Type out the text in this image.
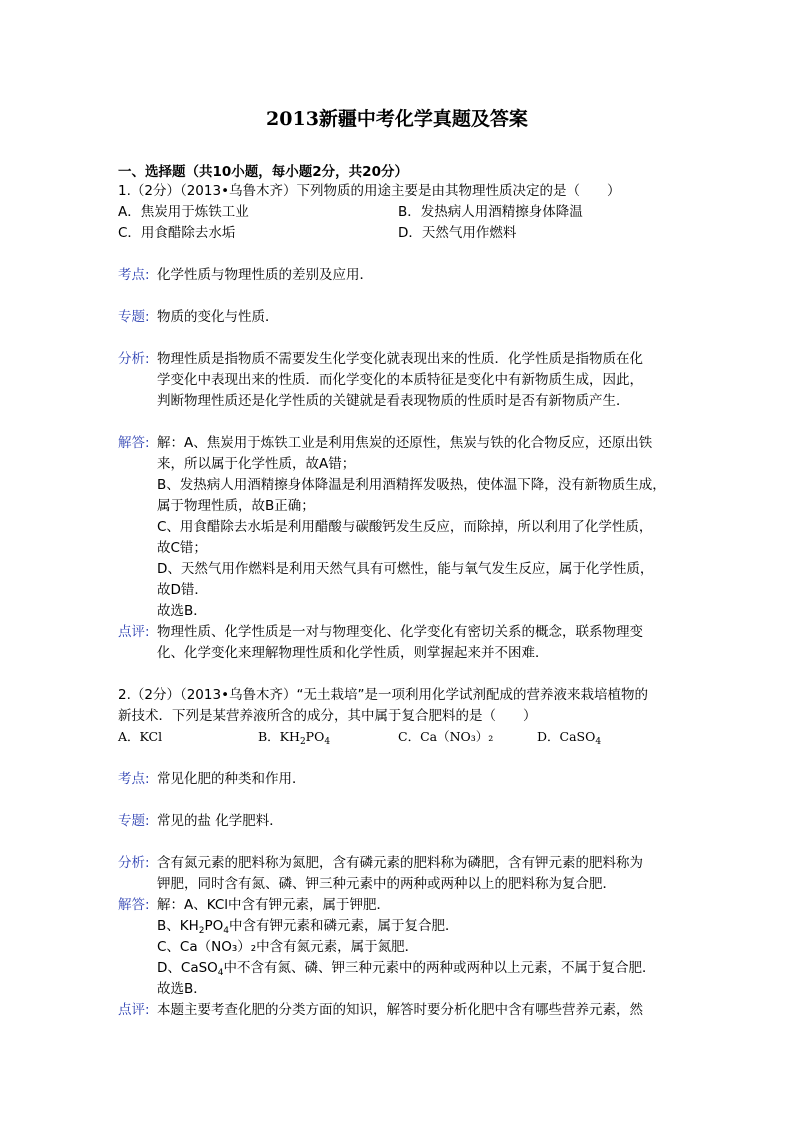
2013新疆中考化学真题及答案
一、选择题（共10小题，每小题2分，共20分）
1.（2分）（2013•乌鲁木齐）下列物质的用途主要是由其物理性质决定的是（　　）
A．焦炭用于炼铁工业	B．发热病人用酒精擦身体降温
C．用食醋除去水垢	D．天然气用作燃料
考点: 化学性质与物理性质的差别及应用．
专题: 物质的变化与性质．
分析: 物理性质是指物质不需要发生化学变化就表现出来的性质．化学性质是指物质在化
学变化中表现出来的性质．而化学变化的本质特征是变化中有新物质生成，因此，
判断物理性质还是化学性质的关键就是看表现物质的性质时是否有新物质产生．
解答: 解：A、焦炭用于炼铁工业是利用焦炭的还原性，焦炭与铁的化合物反应，还原出铁
来，所以属于化学性质，故A错；
B、发热病人用酒精擦身体降温是利用酒精挥发吸热，使体温下降，没有新物质生成，
属于物理性质，故B正确；
C、用食醋除去水垢是利用醋酸与碳酸钙发生反应，而除掉，所以利用了化学性质，
故C错；
D、天然气用作燃料是利用天然气具有可燃性，能与氧气发生反应，属于化学性质，
故D错．
故选B．
点评: 物理性质、化学性质是一对与物理变化、化学变化有密切关系的概念，联系物理变
化、化学变化来理解物理性质和化学性质，则掌握起来并不困难．
2.（2分）（2013•乌鲁木齐）“无土栽培”是一项利用化学试剂配成的营养液来栽培植物的
新技术．下列是某营养液所含的成分，其中属于复合肥料的是（　　）
A．KCl	B．$KH_2PO_4$	C．Ca（NO₃）₂	D．CaSO$_4$
考点: 常见化肥的种类和作用．
专题: 常见的盐 化学肥料．
分析: 含有氮元素的肥料称为氮肥，含有磷元素的肥料称为磷肥，含有钾元素的肥料称为
钾肥，同时含有氮、磷、钾三种元素中的两种或两种以上的肥料称为复合肥．
解答: 解：A、KCl中含有钾元素，属于钾肥．
B、$KH_2PO_4$中含有钾元素和磷元素，属于复合肥．
C、Ca（NO₃）₂中含有氮元素，属于氮肥．
D、CaSO$_4$中不含有氮、磷、钾三种元素中的两种或两种以上元素，不属于复合肥．
故选B．
点评: 本题主要考查化肥的分类方面的知识，解答时要分析化肥中含有哪些营养元素，然
